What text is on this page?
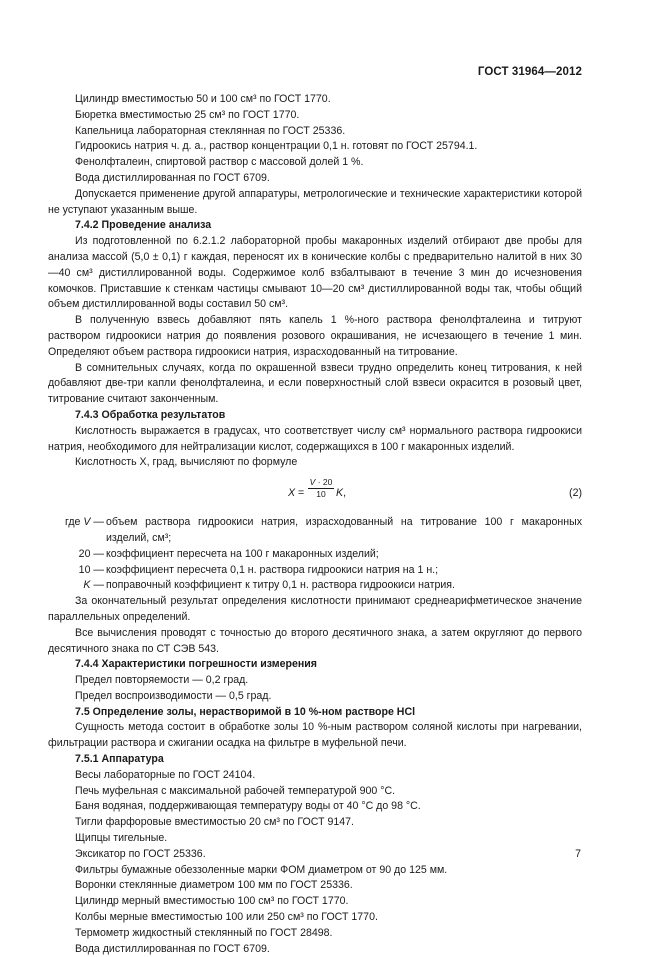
ГОСТ 31964—2012

Цилиндр вместимостью 50 и 100 см³ по ГОСТ 1770.

Бюретка вместимостью 25 см³ по ГОСТ 1770.

Капельница лабораторная стеклянная по ГОСТ 25336.

Гидроокись натрия ч. д. а., раствор концентрации 0,1 н. готовят по ГОСТ 25794.1.

Фенолфталеин, спиртовой раствор с массовой долей 1 %.

Вода дистиллированная по ГОСТ 6709.

Допускается применение другой аппаратуры, метрологические и технические характеристики которой не уступают указанным выше.

7.4.2 Проведение анализа

Из подготовленной по 6.2.1.2 лабораторной пробы макаронных изделий отбирают две пробы для анализа массой (5,0 ± 0,1) г каждая, переносят их в конические колбы с предварительно налитой в них 30—40 см³ дистиллированной воды. Содержимое колб взбалтывают в течение 3 мин до исчезновения комочков. Приставшие к стенкам частицы смывают 10—20 см³ дистиллированной воды так, чтобы общий объем дистиллированной воды составил 50 см³.

В полученную взвесь добавляют пять капель 1 %-ного раствора фенолфталеина и титруют раствором гидроокиси натрия до появления розового окрашивания, не исчезающего в течение 1 мин. Определяют объем раствора гидроокиси натрия, израсходованный на титрование.

В сомнительных случаях, когда по окрашенной взвеси трудно определить конец титрования, к ней добавляют две-три капли фенолфталеина, и если поверхностный слой взвеси окрасится в розовый цвет, титрование считают законченным.

7.4.3 Обработка результатов

Кислотность выражается в градусах, что соответствует числу см³ нормального раствора гидроокиси натрия, необходимого для нейтрализации кислот, содержащихся в 100 г макаронных изделий.

Кислотность X, град, вычисляют по формуле

$X = \frac{V \cdot 20}{10} K$,	(2)
где V — объем раствора гидроокиси натрия, израсходованный на титрование 100 г макаронных изделий, см³;
20 — коэффициент пересчета на 100 г макаронных изделий;
10 — коэффициент пересчета 0,1 н. раствора гидроокиси натрия на 1 н.;
K — поправочный коэффициент к титру 0,1 н. раствора гидроокиси натрия.

За окончательный результат определения кислотности принимают среднеарифметическое значение параллельных определений.

Все вычисления проводят с точностью до второго десятичного знака, а затем округляют до первого десятичного знака по СТ СЭВ 543.

7.4.4 Характеристики погрешности измерения

Предел повторяемости — 0,2 град.

Предел воспроизводимости — 0,5 град.

7.5 Определение золы, нерастворимой в 10 %-ном растворе HCl

Сущность метода состоит в обработке золы 10 %-ным раствором соляной кислоты при нагревании, фильтрации раствора и сжигании осадка на фильтре в муфельной печи.

7.5.1 Аппаратура

Весы лабораторные по ГОСТ 24104.

Печь муфельная с максимальной рабочей температурой 900 °С.

Баня водяная, поддерживающая температуру воды от 40 °С до 98 °С.

Тигли фарфоровые вместимостью 20 см³ по ГОСТ 9147.

Щипцы тигельные.

Эксикатор по ГОСТ 25336.

Фильтры бумажные обеззоленные марки ФОМ диаметром от 90 до 125 мм.

Воронки стеклянные диаметром 100 мм по ГОСТ 25336.

Цилиндр мерный вместимостью 100 см³ по ГОСТ 1770.

Колбы мерные вместимостью 100 или 250 см³ по ГОСТ 1770.

Термометр жидкостный стеклянный по ГОСТ 28498.

Вода дистиллированная по ГОСТ 6709.

7
